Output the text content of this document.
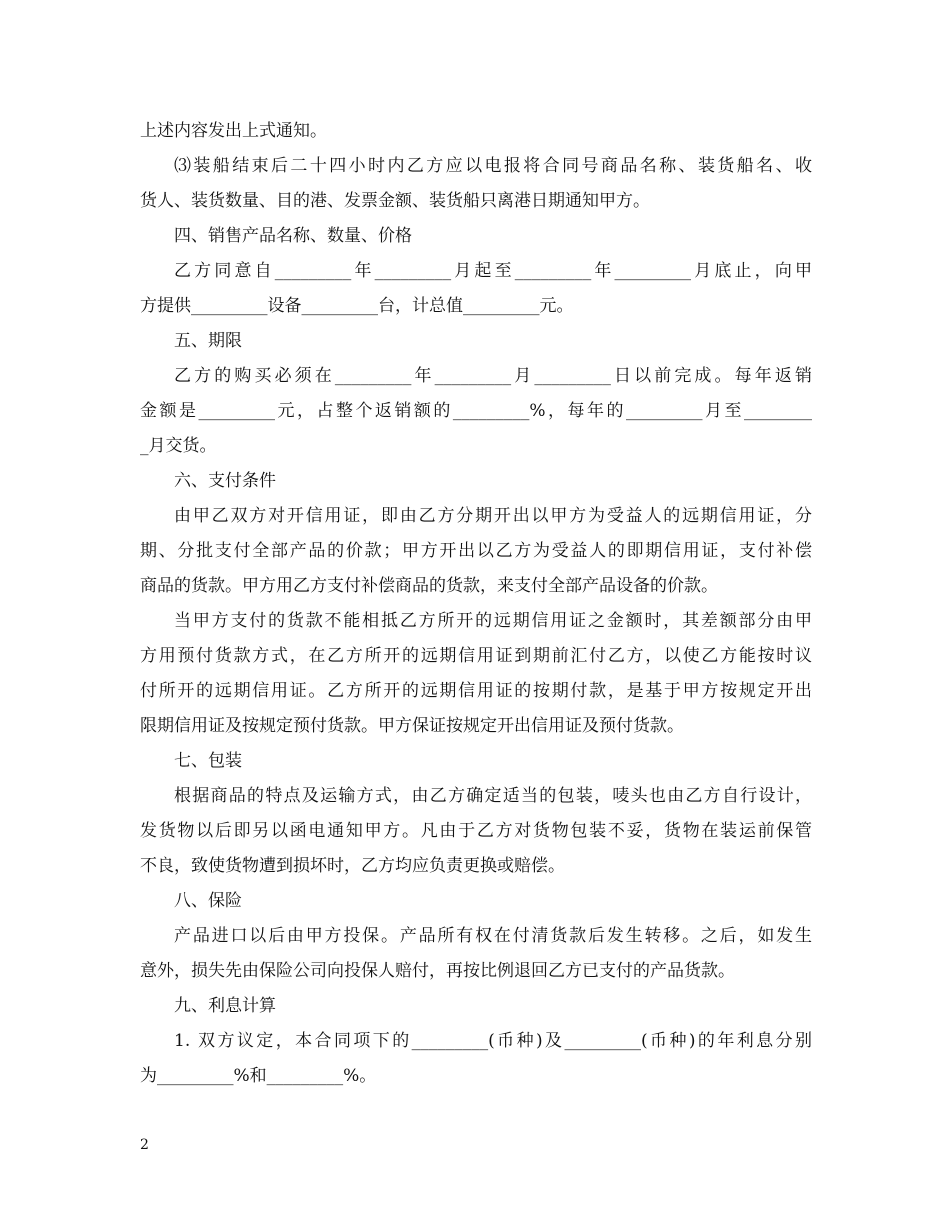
上述内容发出上式通知。
⑶装船结束后二十四小时内乙方应以电报将合同号商品名称、装货船名、收
货人、装货数量、目的港、发票金额、装货船只离港日期通知甲方。
四、销售产品名称、数量、价格
乙方同意自_________年_________月起至_________年_________月底止，向甲
方提供_________设备_________台，计总值_________元。
五、期限
乙方的购买必须在_________年_________月_________日以前完成。每年返销
金额是_________元，占整个返销额的_________%，每年的_________月至________
_月交货。
六、支付条件
由甲乙双方对开信用证，即由乙方分期开出以甲方为受益人的远期信用证，分
期、分批支付全部产品的价款；甲方开出以乙方为受益人的即期信用证，支付补偿
商品的货款。甲方用乙方支付补偿商品的货款，来支付全部产品设备的价款。
当甲方支付的货款不能相抵乙方所开的远期信用证之金额时，其差额部分由甲
方用预付货款方式，在乙方所开的远期信用证到期前汇付乙方，以使乙方能按时议
付所开的远期信用证。乙方所开的远期信用证的按期付款，是基于甲方按规定开出
限期信用证及按规定预付货款。甲方保证按规定开出信用证及预付货款。
七、包装
根据商品的特点及运输方式，由乙方确定适当的包装，唛头也由乙方自行设计，
发货物以后即另以函电通知甲方。凡由于乙方对货物包装不妥，货物在装运前保管
不良，致使货物遭到损坏时，乙方均应负责更换或赔偿。
八、保险
产品进口以后由甲方投保。产品所有权在付清货款后发生转移。之后，如发生
意外，损失先由保险公司向投保人赔付，再按比例退回乙方已支付的产品货款。
九、利息计算
1. 双方议定，本合同项下的_________(币种)及_________(币种)的年利息分别
为_________%和_________%。
2
